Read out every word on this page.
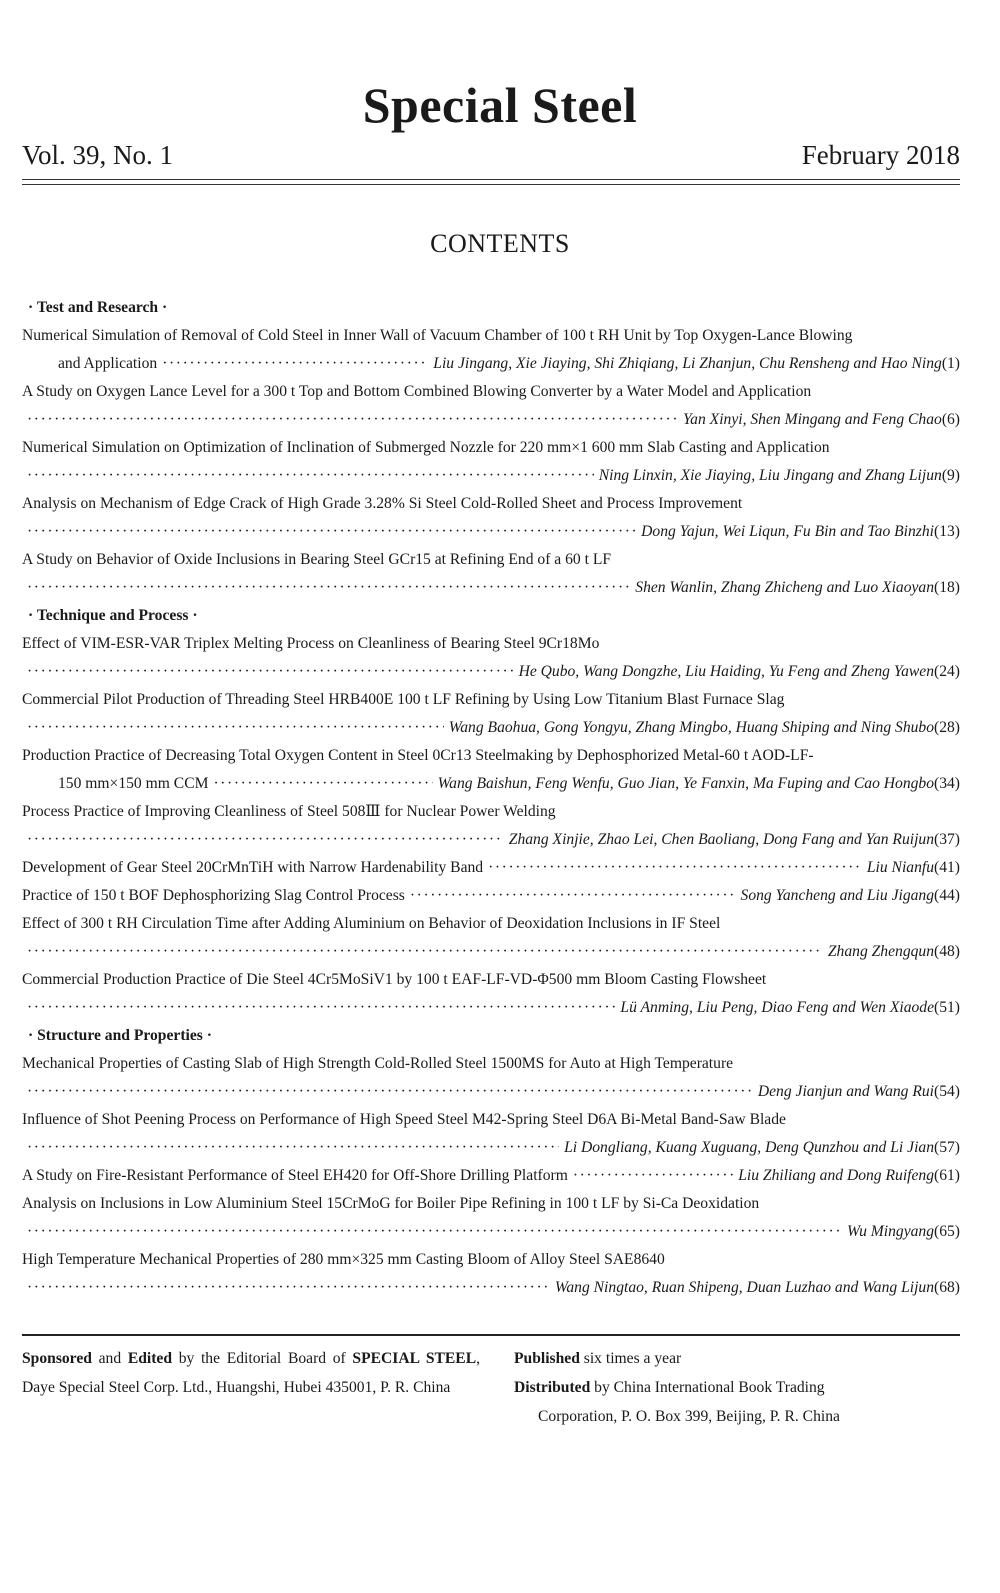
Special Steel
Vol. 39, No. 1	February 2018
CONTENTS
· Test and Research ·
Numerical Simulation of Removal of Cold Steel in Inner Wall of Vacuum Chamber of 100 t RH Unit by Top Oxygen-Lance Blowing
and Application ·····	Liu Jingang, Xie Jiaying, Shi Zhiqiang, Li Zhanjun, Chu Rensheng and Hao Ning (1)
A Study on Oxygen Lance Level for a 300 t Top and Bottom Combined Blowing Converter by a Water Model and Application
·····
Yan Xinyi, Shen Mingang and Feng Chao (6)
Numerical Simulation on Optimization of Inclination of Submerged Nozzle for 220 mm×1 600 mm Slab Casting and Application
·····
Ning Linxin, Xie Jiaying, Liu Jingang and Zhang Lijun (9)
Analysis on Mechanism of Edge Crack of High Grade 3.28% Si Steel Cold-Rolled Sheet and Process Improvement
·····
Dong Yajun, Wei Liqun, Fu Bin and Tao Binzhi (13)
A Study on Behavior of Oxide Inclusions in Bearing Steel GCr15 at Refining End of a 60 t LF
·····
Shen Wanlin, Zhang Zhicheng and Luo Xiaoyan (18)
· Technique and Process ·
Effect of VIM-ESR-VAR Triplex Melting Process on Cleanliness of Bearing Steel 9Cr18Mo
·····
He Qubo, Wang Dongzhe, Liu Haiding, Yu Feng and Zheng Yawen (24)
Commercial Pilot Production of Threading Steel HRB400E 100 t LF Refining by Using Low Titanium Blast Furnace Slag
·····
Wang Baohua, Gong Yongyu, Zhang Mingbo, Huang Shiping and Ning Shubo (28)
Production Practice of Decreasing Total Oxygen Content in Steel 0Cr13 Steelmaking by Dephosphorized Metal-60 t AOD-LF-
150 mm×150 mm CCM ·····	Wang Baishun, Feng Wenfu, Guo Jian, Ye Fanxin, Ma Fuping and Cao Hongbo (34)
Process Practice of Improving Cleanliness of Steel 508Ⅲ for Nuclear Power Welding
·····
Zhang Xinjie, Zhao Lei, Chen Baoliang, Dong Fang and Yan Ruijun (37)
Development of Gear Steel 20CrMnTiH with Narrow Hardenability Band ·····	Liu Nianfu (41)
Practice of 150 t BOF Dephosphorizing Slag Control Process ·····	Song Yancheng and Liu Jigang (44)
Effect of 300 t RH Circulation Time after Adding Aluminium on Behavior of Deoxidation Inclusions in IF Steel
·····
Zhang Zhengqun (48)
Commercial Production Practice of Die Steel 4Cr5MoSiV1 by 100 t EAF-LF-VD-Φ500 mm Bloom Casting Flowsheet
·····
Lü Anming, Liu Peng, Diao Feng and Wen Xiaode (51)
· Structure and Properties ·
Mechanical Properties of Casting Slab of High Strength Cold-Rolled Steel 1500MS for Auto at High Temperature
·····
Deng Jianjun and Wang Rui (54)
Influence of Shot Peening Process on Performance of High Speed Steel M42-Spring Steel D6A Bi-Metal Band-Saw Blade
·····
Li Dongliang, Kuang Xuguang, Deng Qunzhou and Li Jian (57)
A Study on Fire-Resistant Performance of Steel EH420 for Off-Shore Drilling Platform ·····	Liu Zhiliang and Dong Ruifeng (61)
Analysis on Inclusions in Low Aluminium Steel 15CrMoG for Boiler Pipe Refining in 100 t LF by Si-Ca Deoxidation
·····
Wu Mingyang (65)
High Temperature Mechanical Properties of 280 mm×325 mm Casting Bloom of Alloy Steel SAE8640
·····
Wang Ningtao, Ruan Shipeng, Duan Luzhao and Wang Lijun (68)
Sponsored and Edited by the Editorial Board of SPECIAL STEEL, Daye Special Steel Corp. Ltd., Huangshi, Hubei 435001, P. R. China
Published six times a year
Distributed by China International Book Trading
Corporation, P. O. Box 399, Beijing, P. R. China
